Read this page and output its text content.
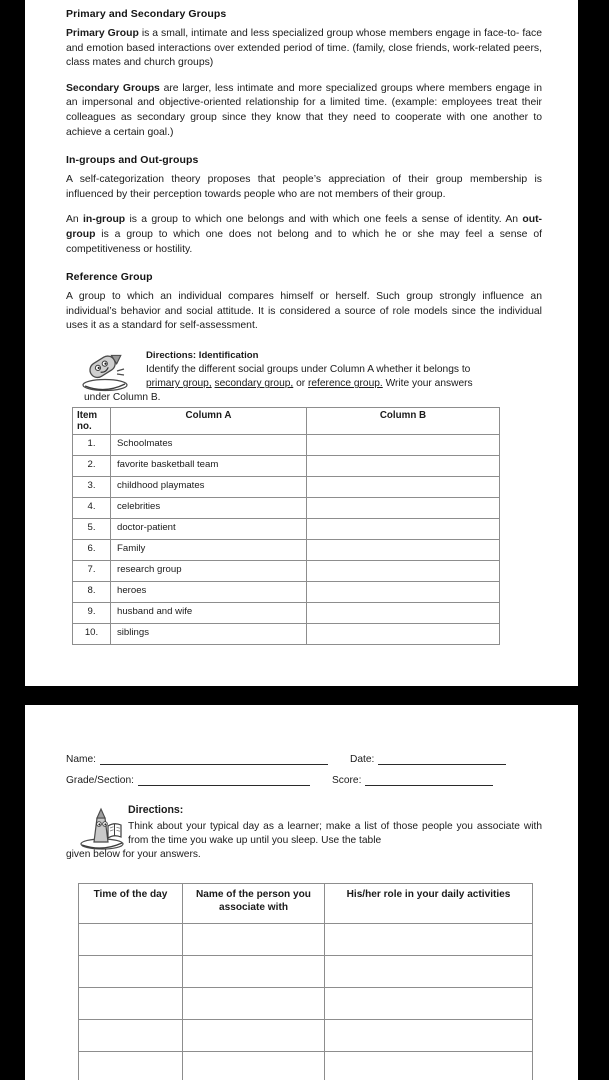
Primary and Secondary Groups

Primary Group is a small, intimate and less specialized group whose members engage in face-to- face and emotion based interactions over extended period of time. (family, close friends, work-related peers, class mates and church groups)

Secondary Groups are larger, less intimate and more specialized groups where members engage in an impersonal and objective-oriented relationship for a limited time. (example: employees treat their colleagues as secondary group since they know that they need to cooperate with one another to achieve a certain goal.)

In-groups and Out-groups

A self-categorization theory proposes that people’s appreciation of their group membership is influenced by their perception towards people who are not members of their group.

An in-group is a group to which one belongs and with which one feels a sense of identity. An out-group is a group to which one does not belong and to which he or she may feel a sense of competitiveness or hostility.

Reference Group

A group to which an individual compares himself or herself. Such group strongly influence an individual’s behavior and social attitude. It is considered a source of role models since the individual uses it as a standard for self-assessment.

Directions: Identification

Identify the different social groups under Column A whether it belongs to

primary group, secondary group, or reference group. Write your answers

under Column B.

Item no.	Column A	Column B
1.	Schoolmates	
2.	favorite basketball team	
3.	childhood playmates	
4.	celebrities	
5.	doctor-patient	
6.	Family	
7.	research group	
8.	heroes	
9.	husband and wife	
10.	siblings	
Name:	Date:
Grade/Section:	Score:
Directions:

Think about your typical day as a learner; make a list of those people you associate with from the time you wake up until you sleep. Use the table

given below for your answers.

Time of the day	Name of the person you associate with	His/her role in your daily activities
